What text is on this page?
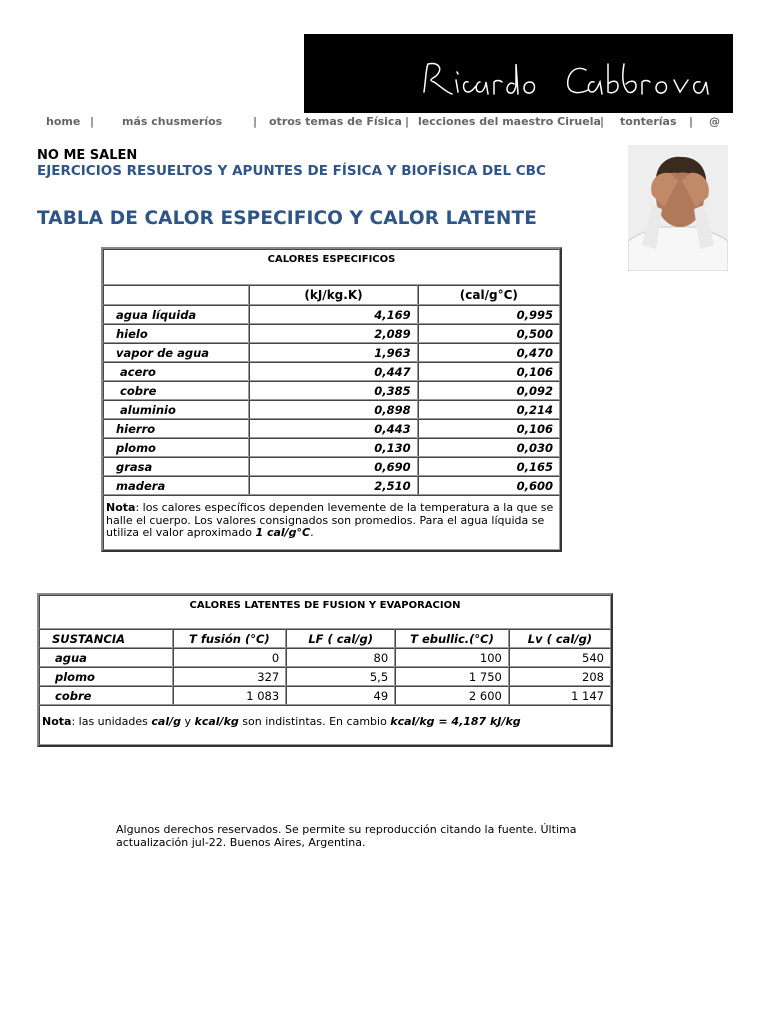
home |	más chusmeríos	| otros temas de Física | lecciones del maestro Ciruela | tonterías | @
NO ME SALEN
EJERCICIOS RESUELTOS Y APUNTES DE FÍSICA Y BIOFÍSICA DEL CBC
TABLA DE CALOR ESPECIFICO Y CALOR LATENTE
CALORES ESPECIFICOS		
	(kJ/kg.K)	(cal/g°C)
agua líquida	4,169	0,995
hielo	2,089	0,500
vapor de agua	1,963	0,470
acero	0,447	0,106
cobre	0,385	0,092
aluminio	0,898	0,214
hierro	0,443	0,106
plomo	0,130	0,030
grasa	0,690	0,165
madera	2,510	0,600
Nota: los calores específicos dependen levemente de la temperatura a la que se halle el cuerpo. Los valores consignados son promedios. Para el agua líquida se utiliza el valor aproximado 1 cal/g°C.		
CALORES LATENTES DE FUSION Y EVAPORACION				
SUSTANCIA	T fusión (°C)	LF ( cal/g)	T ebullic.(°C)	Lv ( cal/g)
agua	0	80	100	540
plomo	327	5,5	1 750	208
cobre	1 083	49	2 600	1 147
Nota: las unidades cal/g y kcal/kg son indistintas. En cambio kcal/kg = 4,187 kJ/kg				
Algunos derechos reservados. Se permite su reproducción citando la fuente. Última actualización jul-22. Buenos Aires, Argentina.
